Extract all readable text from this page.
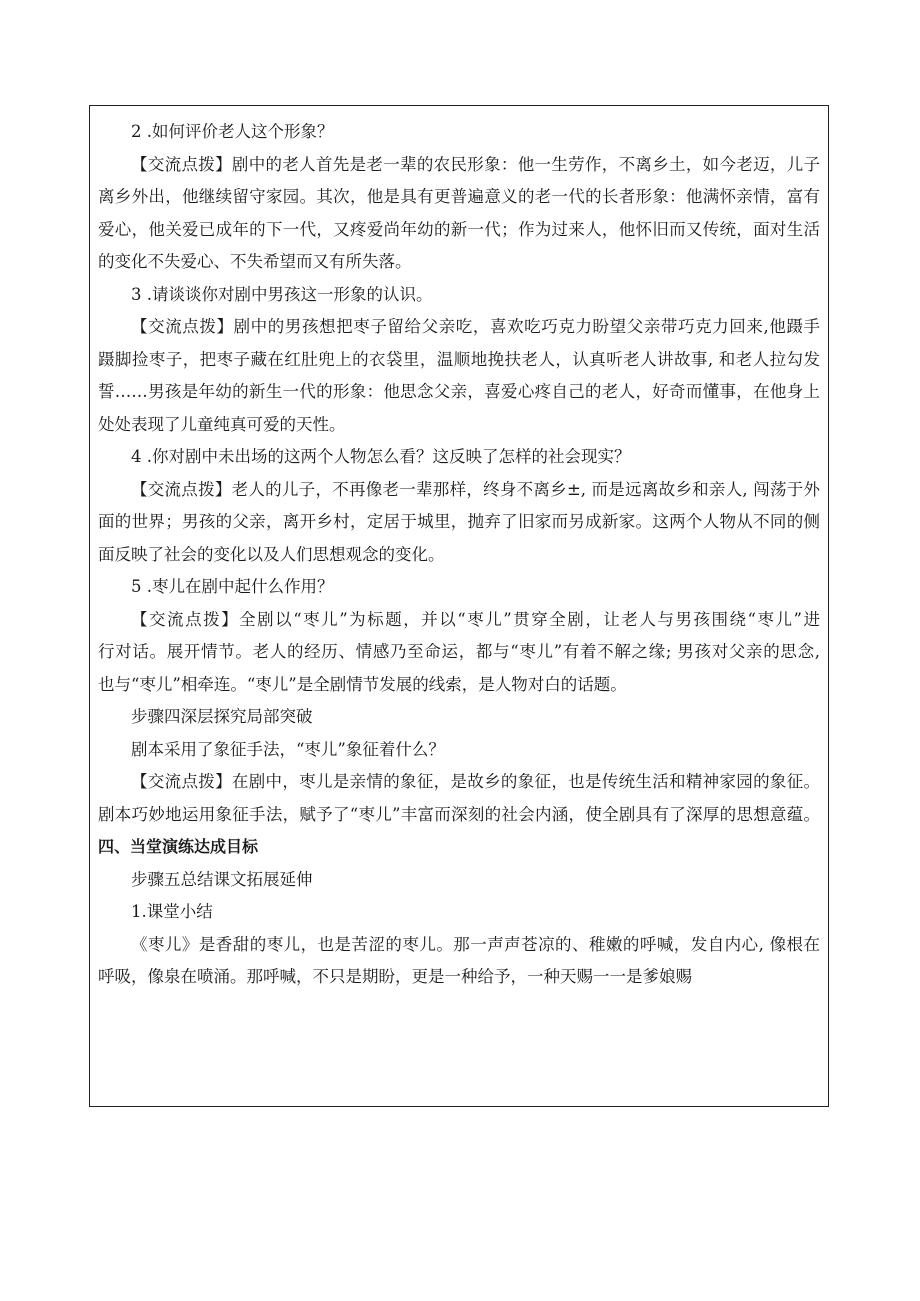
2 .如何评价老人这个形象？
【交流点拨】剧中的老人首先是老一辈的农民形象：他一生劳作，不离乡土，如今老迈，儿子
离乡外出，他继续留守家园。其次，他是具有更普遍意义的老一代的长者形象：他满怀亲情，富有
爱心，他关爱已成年的下一代，又疼爱尚年幼的新一代；作为过来人，他怀旧而又传统，面对生活
的变化不失爱心、不失希望而又有所失落。
3 .请谈谈你对剧中男孩这一形象的认识。
【交流点拨】剧中的男孩想把枣子留给父亲吃，喜欢吃巧克力盼望父亲带巧克力回来,他蹑手
蹑脚捡枣子，把枣子藏在红肚兜上的衣袋里，温顺地挽扶老人，认真听老人讲故事, 和老人拉勾发
誓……男孩是年幼的新生一代的形象：他思念父亲，喜爱心疼自己的老人，好奇而懂事，在他身上
处处表现了儿童纯真可爱的天性。
4 .你对剧中未出场的这两个人物怎么看？这反映了怎样的社会现实？
【交流点拨】老人的儿子，不再像老一辈那样，终身不离乡±, 而是远离故乡和亲人, 闯荡于外
面的世界；男孩的父亲，离开乡村，定居于城里，抛弃了旧家而另成新家。这两个人物从不同的侧
面反映了社会的变化以及人们思想观念的变化。
5 .枣儿在剧中起什么作用？
【交流点拨】全剧以“枣儿”为标题，并以“枣儿”贯穿全剧，让老人与男孩围绕“枣儿”进
行对话。展开情节。老人的经历、情感乃至命运，都与“枣儿”有着不解之缘; 男孩对父亲的思念,
也与“枣儿”相牵连。“枣儿”是全剧情节发展的线索，是人物对白的话题。
步骤四深层探究局部突破
剧本采用了象征手法，“枣儿”象征着什么？
【交流点拨】在剧中，枣儿是亲情的象征，是故乡的象征，也是传统生活和精神家园的象征。
剧本巧妙地运用象征手法，赋予了“枣儿”丰富而深刻的社会内涵，使全剧具有了深厚的思想意蕴。
四、当堂演练达成目标
步骤五总结课文拓展延伸
1.课堂小结
《枣儿》是香甜的枣儿，也是苦涩的枣儿。那一声声苍凉的、稚嫩的呼喊，发自内心, 像根在
呼吸，像泉在喷涌。那呼喊，不只是期盼，更是一种给予，一种天赐一一是爹娘赐
